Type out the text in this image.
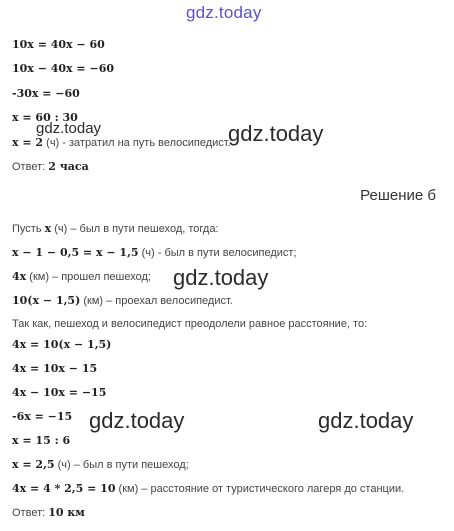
gdz.today
gdz.today	gdz.today
gdz.today
gdz.today	gdz.today
10x = 40x − 60
10x − 40x = −60
-30x = −60
x = 60 : 30
x = 2 (ч) - затратил на путь велосипедист.
Ответ: 2 часа
Решение б
Пусть x (ч) – был в пути пешеход, тогда:
x − 1 − 0,5 = x − 1,5 (ч) - был в пути велосипедист;
4x (км) – прошел пешеход;
10(x − 1,5) (км) – проехал велосипедист.
Так как, пешеход и велосипедист преодолели равное расстояние, то:
4x = 10(x − 1,5)
4x = 10x − 15
4x − 10x = −15
-6x = −15
x = 15 : 6
x = 2,5 (ч) – был в пути пешеход;
4x = 4 * 2,5 = 10 (км) – расстояние от туристического лагеря до станции.
Ответ: 10 км
